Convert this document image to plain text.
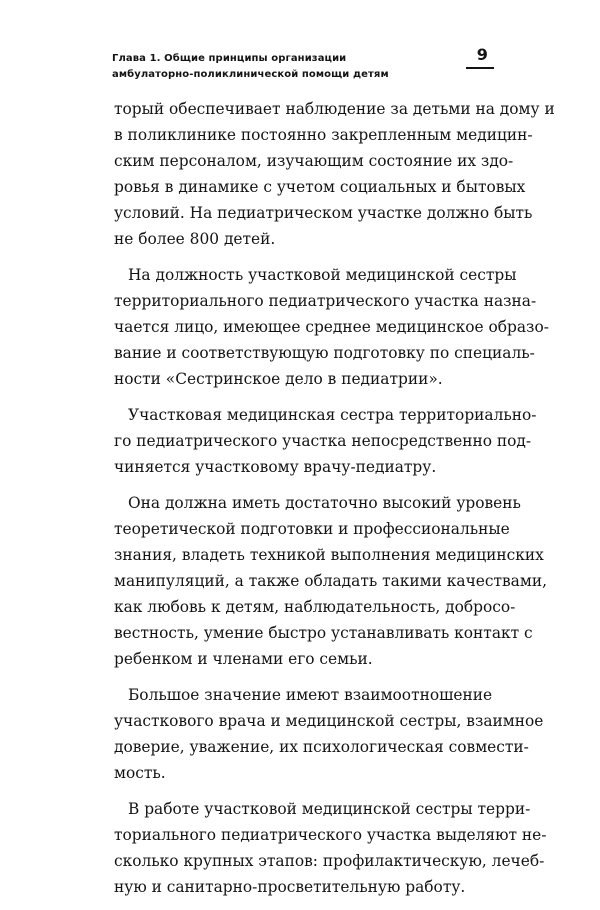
Глава 1. Общие принципы организации
амбулаторно-поликлинической помощи детям
9

торый обеспечивает наблюдение за детьми на дому и
в поликлинике постоянно закрепленным медицин-
ским персоналом, изучающим состояние их здо-
ровья в динамике с учетом социальных и бытовых
условий. На педиатрическом участке должно быть
не более 800 детей.

На должность участковой медицинской сестры
территориального педиатрического участка назна-
чается лицо, имеющее среднее медицинское образо-
вание и соответствующую подготовку по специаль-
ности «Сестринское дело в педиатрии».

Участковая медицинская сестра территориально-
го педиатрического участка непосредственно под-
чиняется участковому врачу-педиатру.

Она должна иметь достаточно высокий уровень
теоретической подготовки и профессиональные
знания, владеть техникой выполнения медицинских
манипуляций, а также обладать такими качествами,
как любовь к детям, наблюдательность, добросо-
вестность, умение быстро устанавливать контакт с
ребенком и членами его семьи.

Большое значение имеют взаимоотношение
участкового врача и медицинской сестры, взаимное
доверие, уважение, их психологическая совмести-
мость.

В работе участковой медицинской сестры терри-
ториального педиатрического участка выделяют не-
сколько крупных этапов: профилактическую, лечеб-
ную и санитарно-просветительную работу.
